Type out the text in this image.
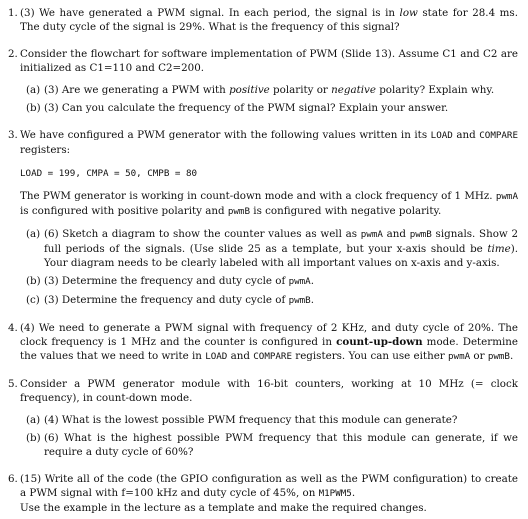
1. (3) We have generated a PWM signal. In each period, the signal is in low state for 28.4 ms. The duty cycle of the signal is 29%. What is the frequency of this signal?

2. Consider the flowchart for software implementation of PWM (Slide 13). Assume C1 and C2 are initialized as C1=110 and C2=200.

(a) (3) Are we generating a PWM with positive polarity or negative polarity? Explain why.
(b) (3) Can you calculate the frequency of the PWM signal? Explain your answer.
3. We have configured a PWM generator with the following values written in its LOAD and COMPARE registers:

LOAD = 199, CMPA = 50, CMPB = 80

The PWM generator is working in count-down mode and with a clock frequency of 1 MHz. pwmA is configured with positive polarity and pwmB is configured with negative polarity.

(a) (6) Sketch a diagram to show the counter values as well as pwmA and pwmB signals. Show 2 full periods of the signals. (Use slide 25 as a template, but your x-axis should be time). Your diagram needs to be clearly labeled with all important values on x-axis and y-axis.
(b) (3) Determine the frequency and duty cycle of pwmA.
(c) (3) Determine the frequency and duty cycle of pwmB.
4. (4) We need to generate a PWM signal with frequency of 2 KHz, and duty cycle of 20%. The clock frequency is 1 MHz and the counter is configured in count-up-down mode. Determine the values that we need to write in LOAD and COMPARE registers. You can use either pwmA or pwmB.

5. Consider a PWM generator module with 16-bit counters, working at 10 MHz (= clock frequency), in count-down mode.

(a) (4) What is the lowest possible PWM frequency that this module can generate?
(b) (6) What is the highest possible PWM frequency that this module can generate, if we require a duty cycle of 60%?
6. (15) Write all of the code (the GPIO configuration as well as the PWM configuration) to create a PWM signal with f=100 kHz and duty cycle of 45%, on M1PWM5.

Use the example in the lecture as a template and make the required changes.
